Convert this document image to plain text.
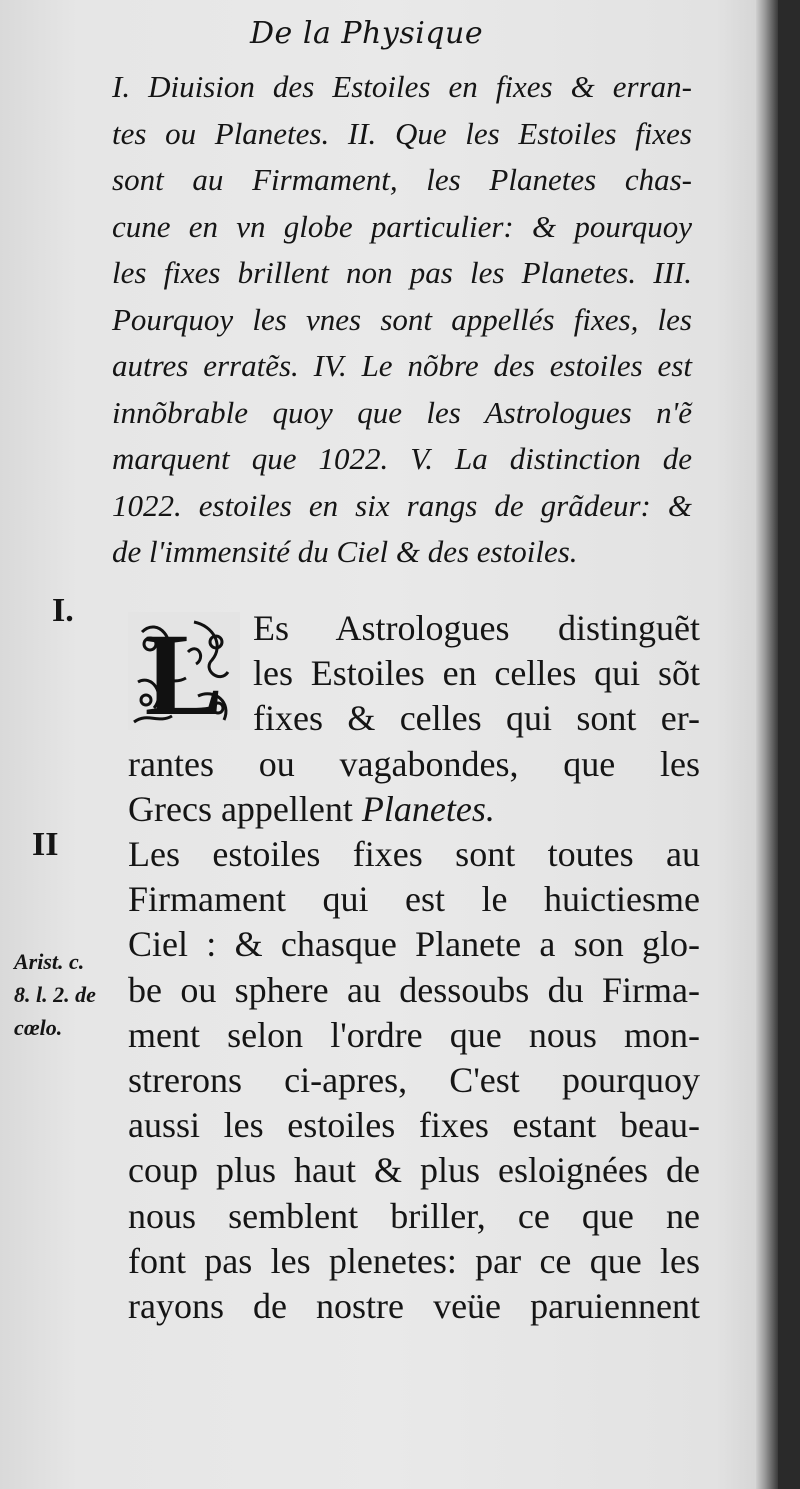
De la Physique
I. Diuision des Estoiles en fixes & erran-
tes ou Planetes. II. Que les Estoiles fixes
sont au Firmament, les Planetes chas-
cune en vn globe particulier: & pourquoy
les fixes brillent non pas les Planetes. III.
Pourquoy les vnes sont appellés fixes, les
autres erratẽs. IV. Le nõbre des estoiles est
innõbrable quoy que les Astrologues n'ẽ
marquent que 1022. V. La distinction de
1022. estoiles en six rangs de grãdeur: &
de l'immensité du Ciel & des estoiles.
I.
II
Arist. c.
8. l. 2. de
cœlo.
L Es Astrologues distinguẽt
les Estoiles en celles qui sõt
fixes & celles qui sont er-
rantes ou vagabondes, que les
Grecs appellent Planetes.
Les estoiles fixes sont toutes au
Firmament qui est le huictiesme
Ciel : & chasque Planete a son glo-
be ou sphere au dessoubs du Firma-
ment selon l'ordre que nous mon-
strerons ci-apres, C'est pourquoy
aussi les estoiles fixes estant beau-
coup plus haut & plus esloignées de
nous semblent briller, ce que ne
font pas les plenetes: par ce que les
rayons de nostre veüe paruiennent
